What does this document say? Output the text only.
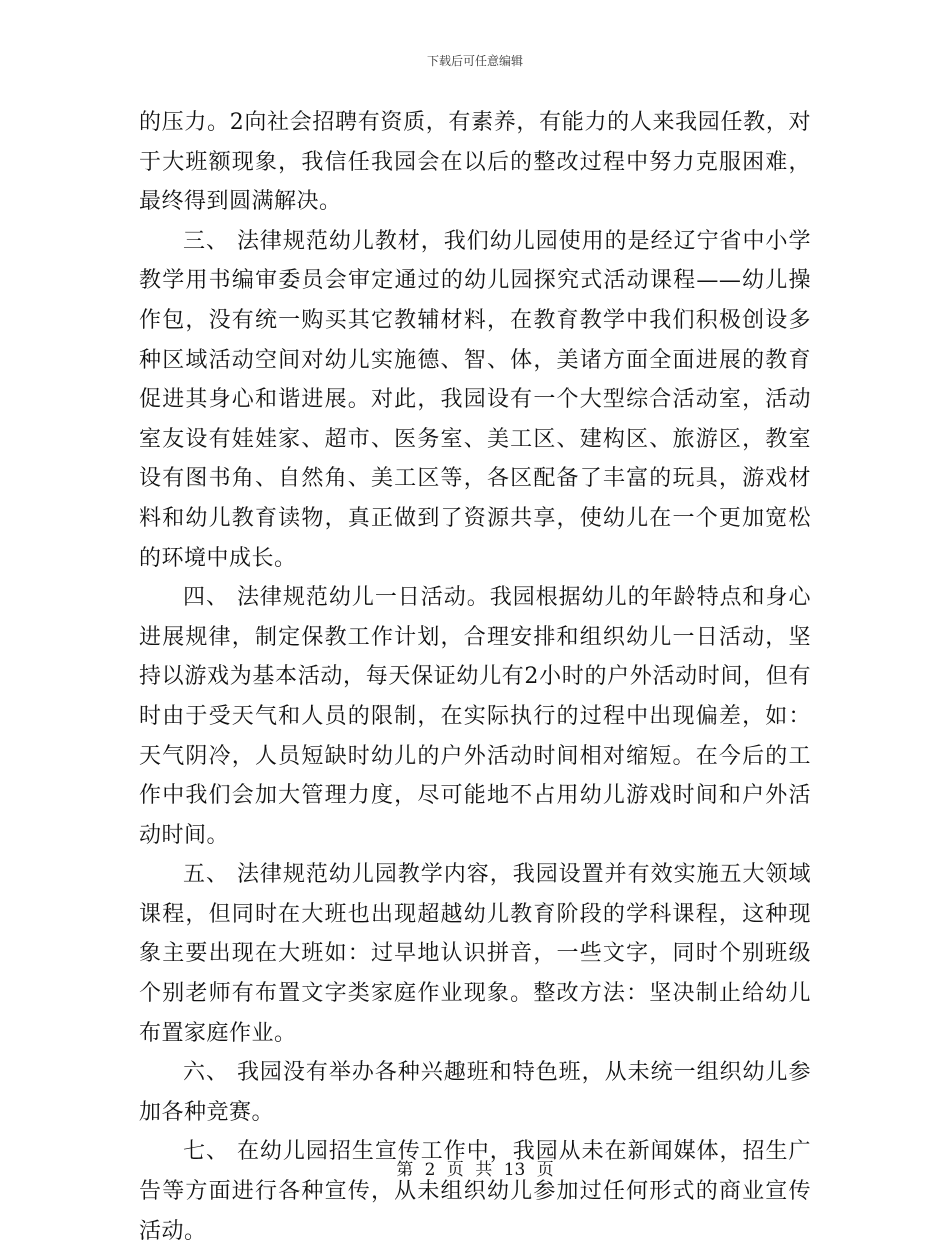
下载后可任意编辑

的压力。2向社会招聘有资质，有素养，有能力的人来我园任教，对于大班额现象，我信任我园会在以后的整改过程中努力克服困难，最终得到圆满解决。

三、 法律规范幼儿教材，我们幼儿园使用的是经辽宁省中小学教学用书编审委员会审定通过的幼儿园探究式活动课程——幼儿操作包，没有统一购买其它教辅材料，在教育教学中我们积极创设多种区域活动空间对幼儿实施德、智、体，美诸方面全面进展的教育促进其身心和谐进展。对此，我园设有一个大型综合活动室，活动室友设有娃娃家、超市、医务室、美工区、建构区、旅游区，教室设有图书角、自然角、美工区等，各区配备了丰富的玩具，游戏材料和幼儿教育读物，真正做到了资源共享，使幼儿在一个更加宽松的环境中成长。

四、 法律规范幼儿一日活动。我园根据幼儿的年龄特点和身心进展规律，制定保教工作计划，合理安排和组织幼儿一日活动，坚持以游戏为基本活动，每天保证幼儿有2小时的户外活动时间，但有时由于受天气和人员的限制，在实际执行的过程中出现偏差，如：天气阴冷，人员短缺时幼儿的户外活动时间相对缩短。在今后的工作中我们会加大管理力度，尽可能地不占用幼儿游戏时间和户外活动时间。

五、 法律规范幼儿园教学内容，我园设置并有效实施五大领域课程，但同时在大班也出现超越幼儿教育阶段的学科课程，这种现象主要出现在大班如：过早地认识拼音，一些文字，同时个别班级个别老师有布置文字类家庭作业现象。整改方法：坚决制止给幼儿布置家庭作业。

六、 我园没有举办各种兴趣班和特色班，从未统一组织幼儿参加各种竞赛。

七、 在幼儿园招生宣传工作中，我园从未在新闻媒体，招生广告等方面进行各种宣传，从未组织幼儿参加过任何形式的商业宣传活动。

第 2 页 共 13 页
